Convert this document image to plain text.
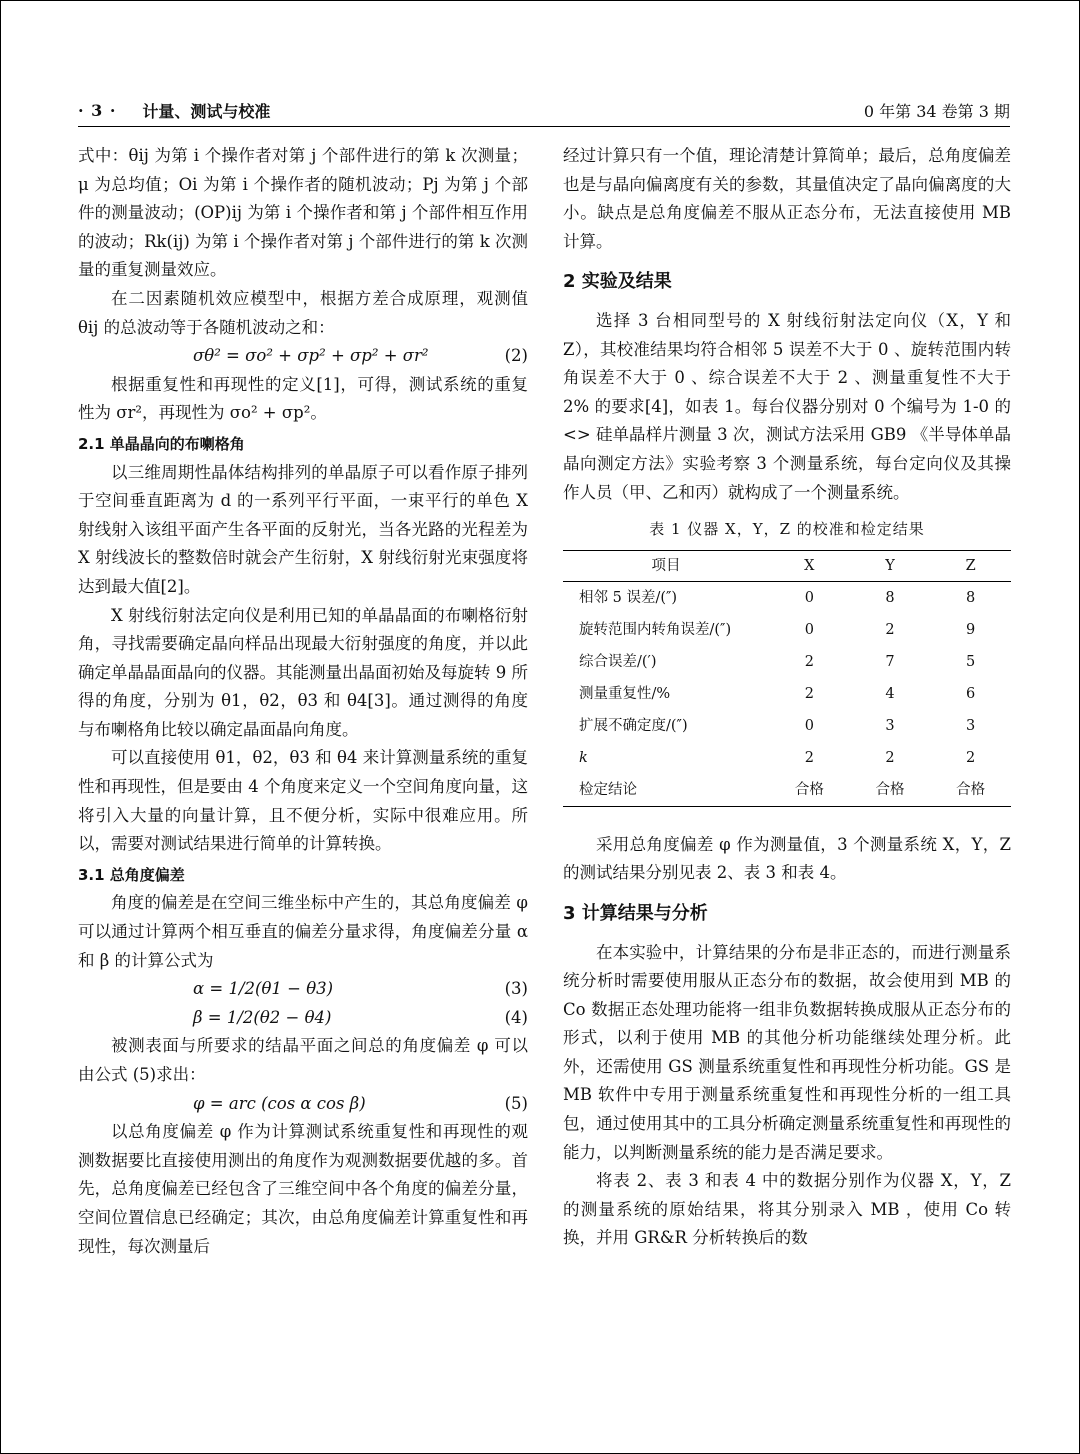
· 3 · 计量、测试与校准	0 年第 34 卷第 3 期

式中：θij 为第 i 个操作者对第 j 个部件进行的第 k 次测量；μ 为总均值；Oi 为第 i 个操作者的随机波动；Pj 为第 j 个部件的测量波动；(OP)ij 为第 i 个操作者和第 j 个部件相互作用的波动；Rk(ij) 为第 i 个操作者对第 j 个部件进行的第 k 次测量的重复测量效应。

在二因素随机效应模型中，根据方差合成原理，观测值 θij 的总波动等于各随机波动之和：

σθ² = σo² + σp² + σp² + σr²	(2)

根据重复性和再现性的定义[1]，可得，测试系统的重复性为 σr²，再现性为 σo² + σp²。

2.1 单晶晶向的布喇格角

以三维周期性晶体结构排列的单晶原子可以看作原子排列于空间垂直距离为 d 的一系列平行平面，一束平行的单色 X 射线射入该组平面产生各平面的反射光，当各光路的光程差为 X 射线波长的整数倍时就会产生衍射，X 射线衍射光束强度将达到最大值[2]。

X 射线衍射法定向仪是利用已知的单晶晶面的布喇格衍射角，寻找需要确定晶向样品出现最大衍射强度的角度，并以此确定单晶晶面晶向的仪器。其能测量出晶面初始及每旋转 9 所得的角度，分别为 θ1，θ2，θ3 和 θ4[3]。通过测得的角度与布喇格角比较以确定晶面晶向角度。

可以直接使用 θ1，θ2，θ3 和 θ4 来计算测量系统的重复性和再现性，但是要由 4 个角度来定义一个空间角度向量，这将引入大量的向量计算，且不便分析，实际中很难应用。所以，需要对测试结果进行简单的计算转换。

3.1 总角度偏差

角度的偏差是在空间三维坐标中产生的，其总角度偏差 φ 可以通过计算两个相互垂直的偏差分量求得，角度偏差分量 α 和 β 的计算公式为

α = 1/2(θ1 − θ3)	(3)
β = 1/2(θ2 − θ4)	(4)

被测表面与所要求的结晶平面之间总的角度偏差 φ 可以由公式 (5)求出：

φ = arc (cos α cos β)	(5)

以总角度偏差 φ 作为计算测试系统重复性和再现性的观测数据要比直接使用测出的角度作为观测数据要优越的多。首先，总角度偏差已经包含了三维空间中各个角度的偏差分量，空间位置信息已经确定；其次，由总角度偏差计算重复性和再现性，每次测量后

经过计算只有一个值，理论清楚计算简单；最后，总角度偏差也是与晶向偏离度有关的参数，其量值决定了晶向偏离度的大小。缺点是总角度偏差不服从正态分布，无法直接使用 MB 计算。

2 实验及结果

选择 3 台相同型号的 X 射线衍射法定向仪（X，Y 和 Z），其校准结果均符合相邻 5 误差不大于 0 、旋转范围内转角误差不大于 0 、综合误差不大于 2 、测量重复性不大于 2% 的要求[4]，如表 1。每台仪器分别对 0 个编号为 1-0 的 <> 硅单晶样片测量 3 次，测试方法采用 GB9 《半导体单晶晶向测定方法》实验考察 3 个测量系统，每台定向仪及其操作人员（甲、乙和丙）就构成了一个测量系统。

表 1 仪器 X，Y，Z 的校准和检定结果
项目	X	Y	Z
相邻 5 误差/(″)	0	8	8
旋转范围内转角误差/(″)	0	2	9
综合误差/(′)	2	7	5
测量重复性/%	2	4	6
扩展不确定度/(″)	0	3	3
k	2	2	2
检定结论	合格	合格	合格

采用总角度偏差 φ 作为测量值，3 个测量系统 X，Y，Z 的测试结果分别见表 2、表 3 和表 4。

3 计算结果与分析

在本实验中，计算结果的分布是非正态的，而进行测量系统分析时需要使用服从正态分布的数据，故会使用到 MB 的 Co 数据正态处理功能将一组非负数据转换成服从正态分布的形式，以利于使用 MB 的其他分析功能继续处理分析。此外，还需使用 GS 测量系统重复性和再现性分析功能。GS 是 MB 软件中专用于测量系统重复性和再现性分析的一组工具包，通过使用其中的工具分析确定测量系统重复性和再现性的能力，以判断测量系统的能力是否满足要求。

将表 2、表 3 和表 4 中的数据分别作为仪器 X，Y，Z 的测量系统的原始结果，将其分别录入 MB ，使用 Co 转换，并用 GR&R 分析转换后的数
